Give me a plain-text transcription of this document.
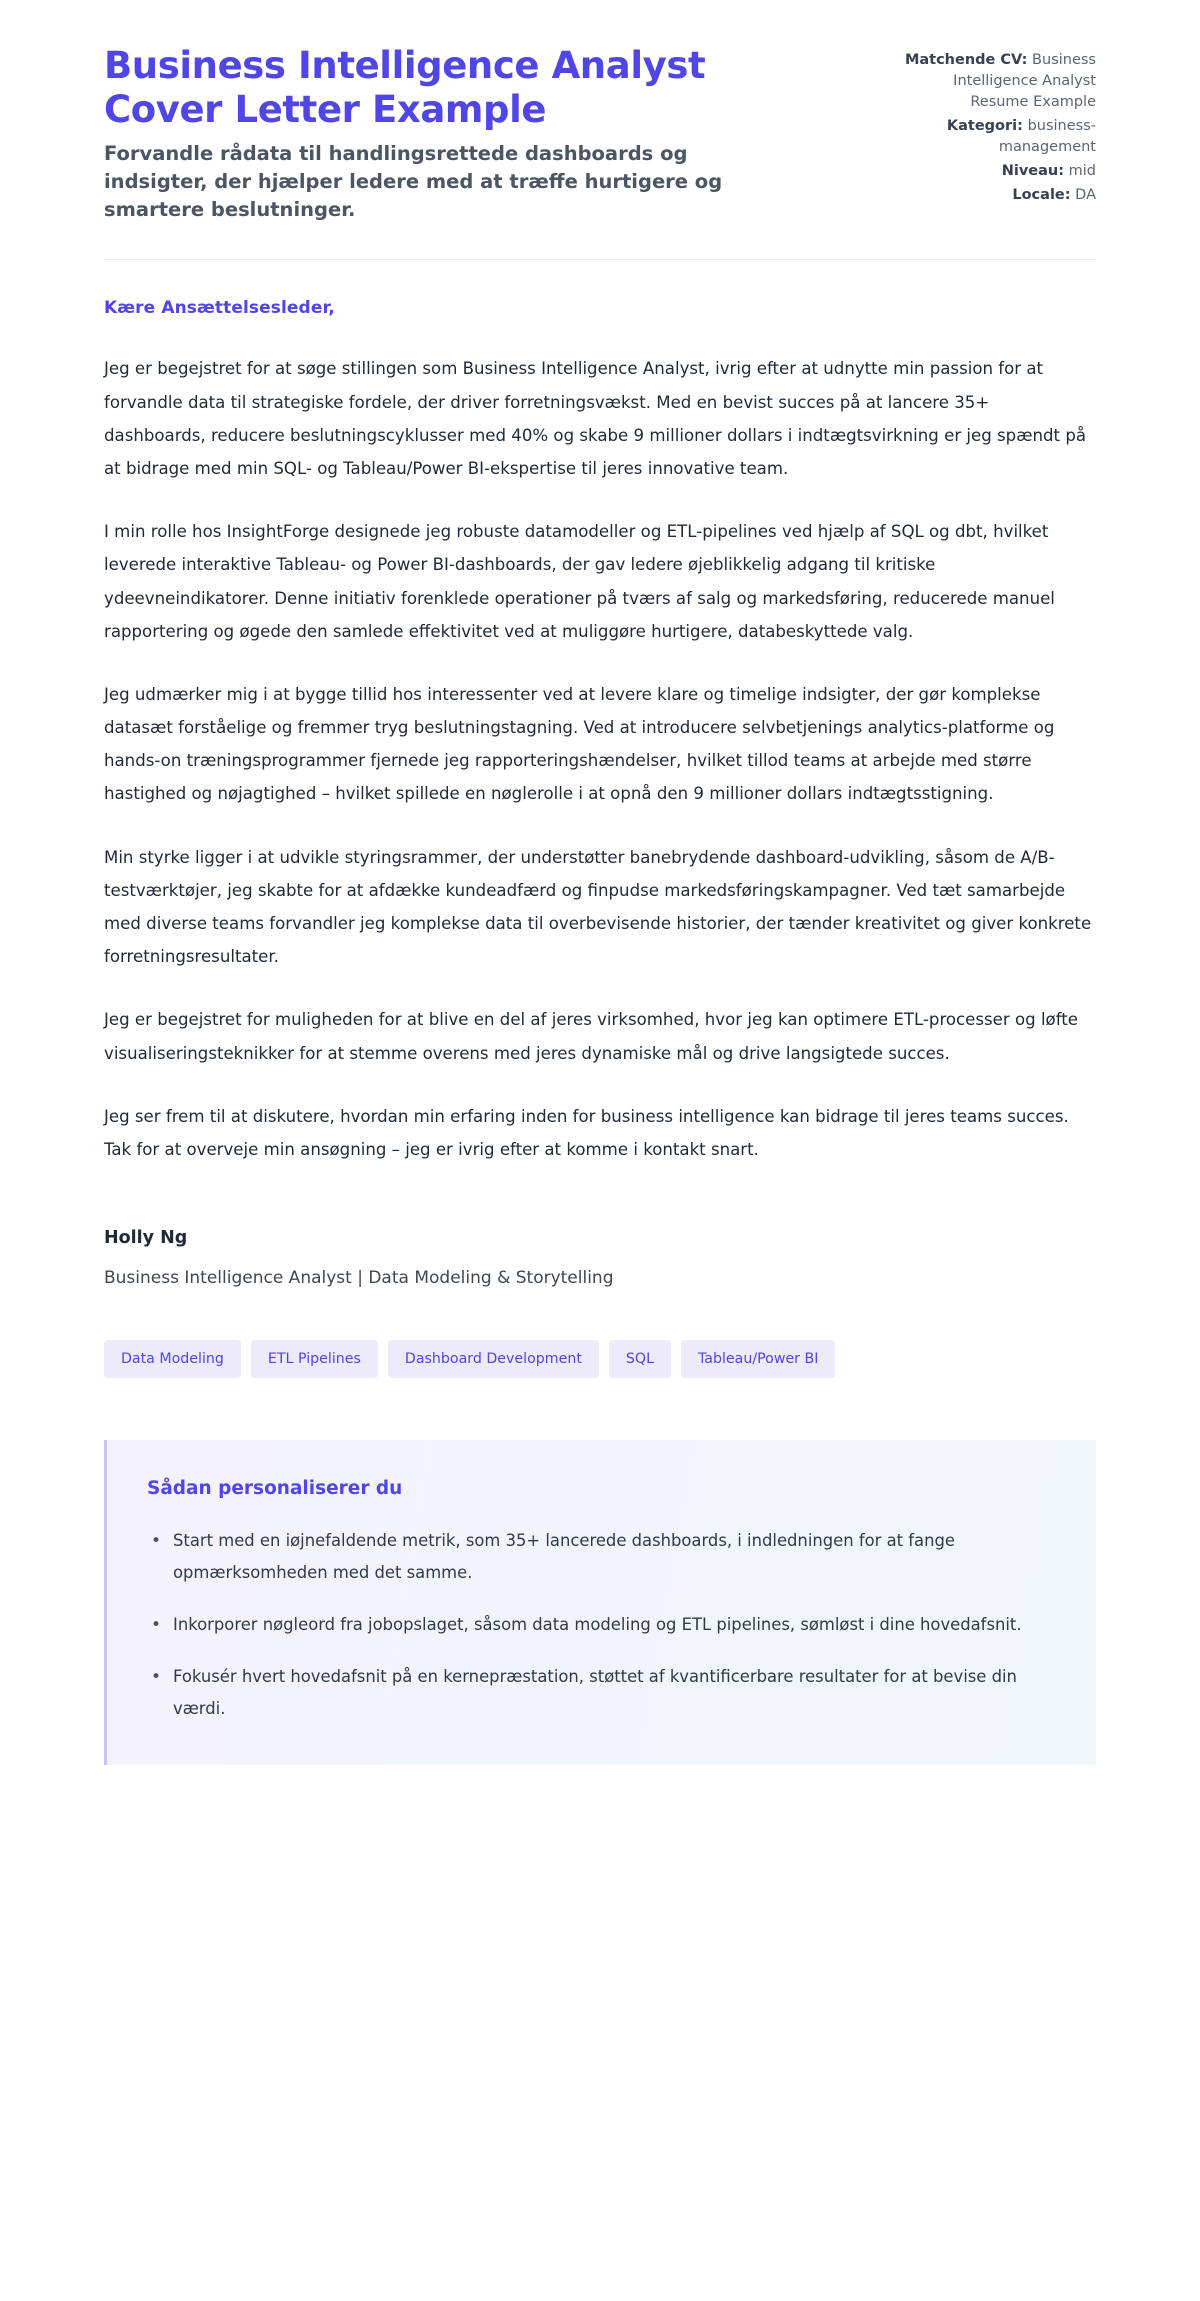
Business Intelligence Analyst Cover Letter Example

Forvandle rådata til handlingsrettede dashboards og indsigter, der hjælper ledere med at træffe hurtigere og smartere beslutninger.

Matchende CV: Business Intelligence Analyst Resume Example
Kategori: business-management
Niveau: mid
Locale: DA

Kære Ansættelsesleder,

Jeg er begejstret for at søge stillingen som Business Intelligence Analyst, ivrig efter at udnytte min passion for at forvandle data til strategiske fordele, der driver forretningsvækst. Med en bevist succes på at lancere 35+ dashboards, reducere beslutningscyklusser med 40% og skabe 9 millioner dollars i indtægtsvirkning er jeg spændt på at bidrage med min SQL- og Tableau/Power BI-ekspertise til jeres innovative team.

I min rolle hos InsightForge designede jeg robuste datamodeller og ETL-pipelines ved hjælp af SQL og dbt, hvilket leverede interaktive Tableau- og Power BI-dashboards, der gav ledere øjeblikkelig adgang til kritiske ydeevneindikatorer. Denne initiativ forenklede operationer på tværs af salg og markedsføring, reducerede manuel rapportering og øgede den samlede effektivitet ved at muliggøre hurtigere, databeskyttede valg.

Jeg udmærker mig i at bygge tillid hos interessenter ved at levere klare og timelige indsigter, der gør komplekse datasæt forståelige og fremmer tryg beslutningstagning. Ved at introducere selvbetjenings analytics-platforme og hands-on træningsprogrammer fjernede jeg rapporteringshændelser, hvilket tillod teams at arbejde med større hastighed og nøjagtighed – hvilket spillede en nøglerolle i at opnå den 9 millioner dollars indtægtsstigning.

Min styrke ligger i at udvikle styringsrammer, der understøtter banebrydende dashboard-udvikling, såsom de A/B-testværktøjer, jeg skabte for at afdække kundeadfærd og finpudse markedsføringskampagner. Ved tæt samarbejde med diverse teams forvandler jeg komplekse data til overbevisende historier, der tænder kreativitet og giver konkrete forretningsresultater.

Jeg er begejstret for muligheden for at blive en del af jeres virksomhed, hvor jeg kan optimere ETL-processer og løfte visualiseringsteknikker for at stemme overens med jeres dynamiske mål og drive langsigtede succes.

Jeg ser frem til at diskutere, hvordan min erfaring inden for business intelligence kan bidrage til jeres teams succes. Tak for at overveje min ansøgning – jeg er ivrig efter at komme i kontakt snart.

Holly Ng

Business Intelligence Analyst | Data Modeling & Storytelling

Data Modeling	ETL Pipelines	Dashboard Development	SQL	Tableau/Power BI
Sådan personaliserer du
• Start med en iøjnefaldende metrik, som 35+ lancerede dashboards, i indledningen for at fange opmærksomheden med det samme.
• Inkorporer nøgleord fra jobopslaget, såsom data modeling og ETL pipelines, sømløst i dine hovedafsnit.
• Fokusér hvert hovedafsnit på en kernepræstation, støttet af kvantificerbare resultater for at bevise din værdi.
